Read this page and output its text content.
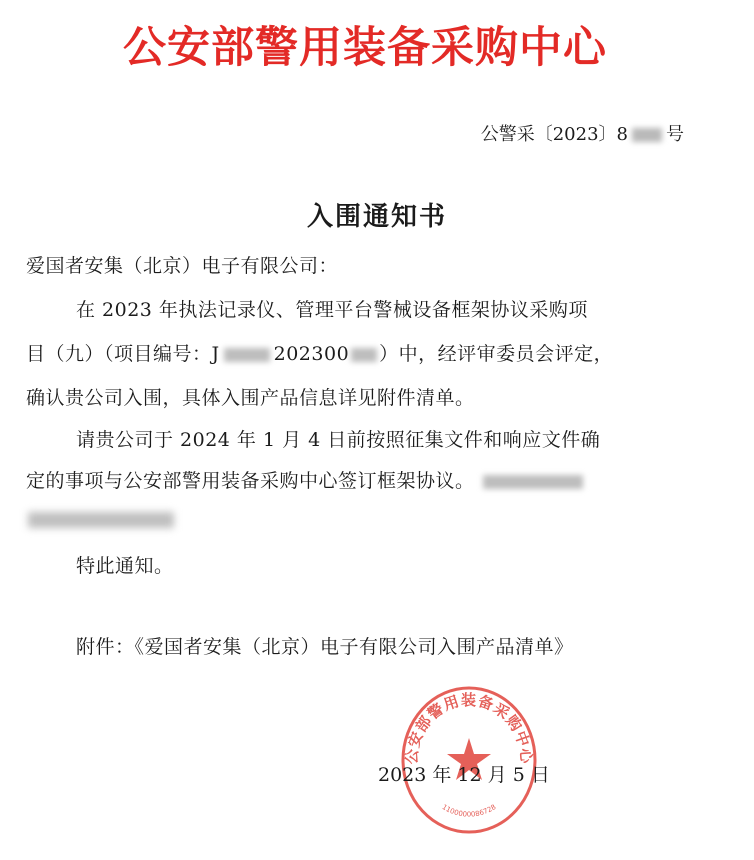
公安部警用装备采购中心
公警采〔2023〕8 号
入围通知书
爱国者安集（北京）电子有限公司：
在 2023 年执法记录仪、管理平台警械设备框架协议采购项
目（九）（项目编号：J	202300 ）中，经评审委员会评定，
确认贵公司入围，具体入围产品信息详见附件清单。
请贵公司于 2024 年 1 月 4 日前按照征集文件和响应文件确
定的事项与公安部警用装备采购中心签订框架协议。
特此通知。
附件：《爱国者安集（北京）电子有限公司入围产品清单》
公安部警用装备采购中心
1100000086728
2023 年 12 月 5 日
